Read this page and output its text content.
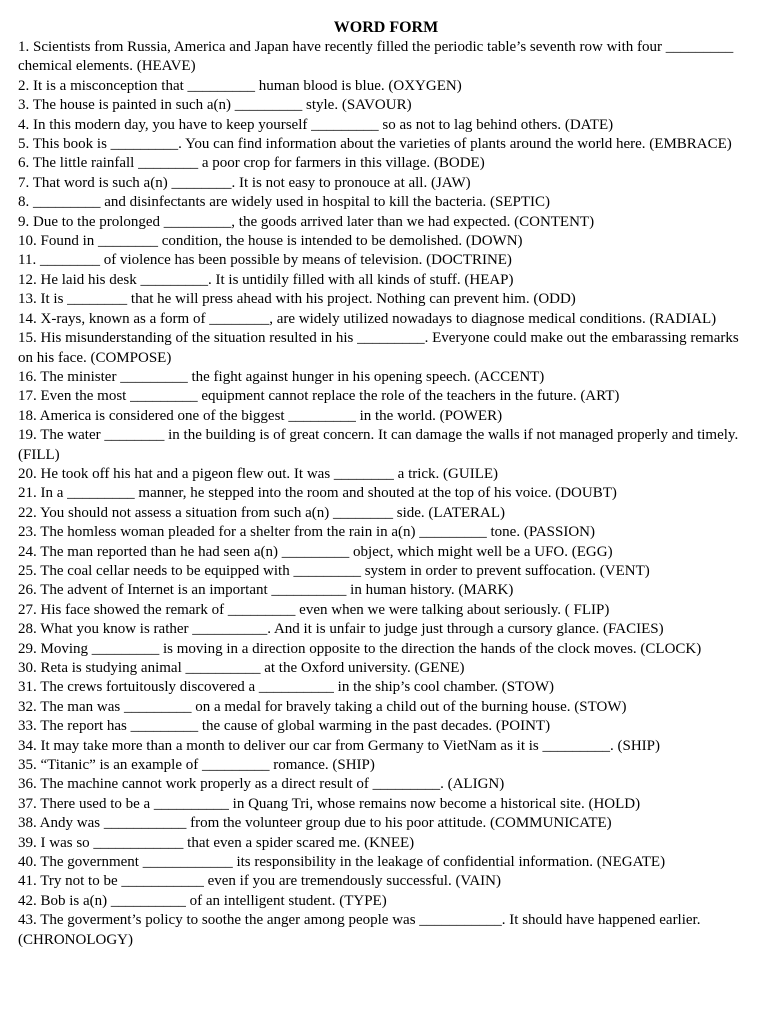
WORD FORM

1. Scientists from Russia, America and Japan have recently filled the periodic table’s seventh row with four _________ chemical elements. (HEAVE)

2. It is a misconception that _________ human blood is blue. (OXYGEN)

3. The house is painted in such a(n) _________ style. (SAVOUR)

4. In this modern day, you have to keep yourself _________ so as not to lag behind others. (DATE)

5. This book is _________. You can find information about the varieties of plants around the world here. (EMBRACE)

6. The little rainfall ________ a poor crop for farmers in this village. (BODE)

7. That word is such a(n) ________. It is not easy to pronouce at all. (JAW)

8. _________ and disinfectants are widely used in hospital to kill the bacteria. (SEPTIC)

9. Due to the prolonged _________, the goods arrived later than we had expected. (CONTENT)

10. Found in ________ condition, the house is intended to be demolished. (DOWN)

11. ________ of violence has been possible by means of television. (DOCTRINE)

12. He laid his desk _________. It is untidily filled with all kinds of stuff. (HEAP)

13. It is ________ that he will press ahead with his project. Nothing can prevent him. (ODD)

14. X-rays, known as a form of ________, are widely utilized nowadays to diagnose medical conditions. (RADIAL)

15. His misunderstanding of the situation resulted in his _________. Everyone could make out the embarassing remarks on his face. (COMPOSE)

16. The minister _________ the fight against hunger in his opening speech. (ACCENT)

17. Even the most _________ equipment cannot replace the role of the teachers in the future. (ART)

18. America is considered one of the biggest _________ in the world. (POWER)

19. The water ________ in the building is of great concern. It can damage the walls if not managed properly and timely. (FILL)

20. He took off his hat and a pigeon flew out. It was ________ a trick. (GUILE)

21. In a _________ manner, he stepped into the room and shouted at the top of his voice. (DOUBT)

22. You should not assess a situation from such a(n) ________ side. (LATERAL)

23. The homless woman pleaded for a shelter from the rain in a(n) _________ tone. (PASSION)

24. The man reported than he had seen a(n) _________ object, which might well be a UFO. (EGG)

25. The coal cellar needs to be equipped with _________ system in order to prevent suffocation. (VENT)

26. The advent of Internet is an important __________ in human history. (MARK)

27. His face showed the remark of _________ even when we were talking about seriously. ( FLIP)

28. What you know is rather __________. And it is unfair to judge just through a cursory glance. (FACIES)

29. Moving _________ is moving in a direction opposite to the direction the hands of the clock moves. (CLOCK)

30. Reta is studying animal __________ at the Oxford university. (GENE)

31. The crews fortuitously discovered a __________ in the ship’s cool chamber. (STOW)

32. The man was _________ on a medal for bravely taking a child out of the burning house. (STOW)

33. The report has _________ the cause of global warming in the past decades. (POINT)

34. It may take more than a month to deliver our car from Germany to VietNam as it is _________. (SHIP)

35. “Titanic” is an example of _________ romance. (SHIP)

36. The machine cannot work properly as a direct result of _________. (ALIGN)

37. There used to be a __________ in Quang Tri, whose remains now become a historical site. (HOLD)

38. Andy was ___________ from the volunteer group due to his poor attitude. (COMMUNICATE)

39. I was so ____________ that even a spider scared me. (KNEE)

40. The government ____________ its responsibility in the leakage of confidential information. (NEGATE)

41. Try not to be ___________ even if you are tremendously successful. (VAIN)

42. Bob is a(n) __________ of an intelligent student. (TYPE)

43. The goverment’s policy to soothe the anger among people was ___________. It should have happened earlier. (CHRONOLOGY)
